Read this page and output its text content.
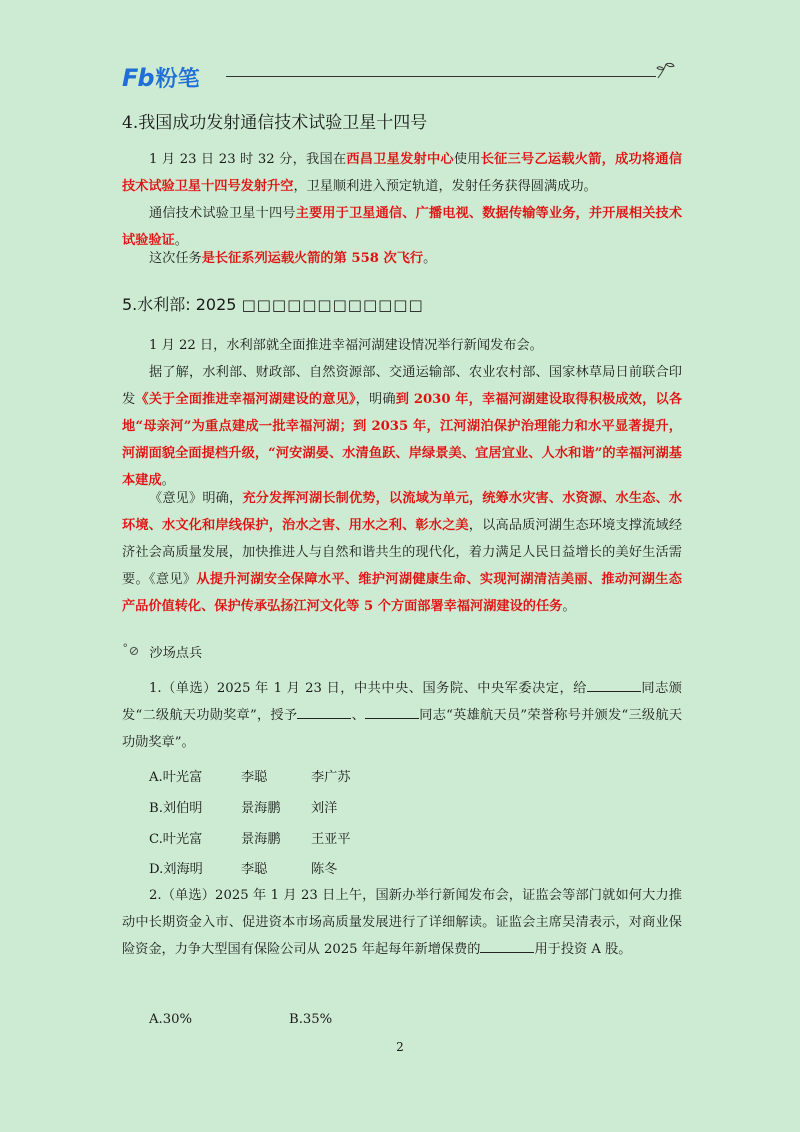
Fb 粉笔
4.我国成功发射通信技术试验卫星十四号

1 月 23 日 23 时 32 分，我国在西昌卫星发射中心使用长征三号乙运载火箭，成功将通信技术试验卫星十四号发射升空，卫星顺利进入预定轨道，发射任务获得圆满成功。

通信技术试验卫星十四号主要用于卫星通信、广播电视、数据传输等业务，并开展相关技术试验验证。

这次任务是长征系列运载火箭的第 558 次飞行。

5.水利部: 2025 □□□□□□□□□□□□

1 月 22 日，水利部就全面推进幸福河湖建设情况举行新闻发布会。

据了解，水利部、财政部、自然资源部、交通运输部、农业农村部、国家林草局日前联合印发《关于全面推进幸福河湖建设的意见》，明确到 2030 年，幸福河湖建设取得积极成效，以各地“母亲河”为重点建成一批幸福河湖；到 2035 年，江河湖泊保护治理能力和水平显著提升，河湖面貌全面提档升级，“河安湖晏、水清鱼跃、岸绿景美、宜居宜业、人水和谐”的幸福河湖基本建成。

《意见》明确，充分发挥河湖长制优势，以流域为单元，统筹水灾害、水资源、水生态、水环境、水文化和岸线保护，治水之害、用水之利、彰水之美，以高品质河湖生态环境支撑流域经济社会高质量发展，加快推进人与自然和谐共生的现代化，着力满足人民日益增长的美好生活需要。《意见》从提升河湖安全保障水平、维护河湖健康生命、实现河湖清洁美丽、推动河湖生态产品价值转化、保护传承弘扬江河文化等 5 个方面部署幸福河湖建设的任务。

˚⊘ 沙场点兵

1.（单选）2025 年 1 月 23 日，中共中央、国务院、中央军委决定，给	同志颁发“二级航天功勋奖章”，授予	、	同志“英雄航天员”荣誉称号并颁发“三级航天功勋奖章”。

A.叶光富	李聪	李广苏
B.刘伯明	景海鹏 刘洋
C.叶光富	景海鹏 王亚平
D.刘海明	李聪	陈冬

2.（单选）2025 年 1 月 23 日上午，国新办举行新闻发布会，证监会等部门就如何大力推动中长期资金入市、促进资本市场高质量发展进行了详细解读。证监会主席吴清表示，对商业保险资金，力争大型国有保险公司从 2025 年起每年新增保费的	用于投资 A 股。

A.30%	B.35%
2
